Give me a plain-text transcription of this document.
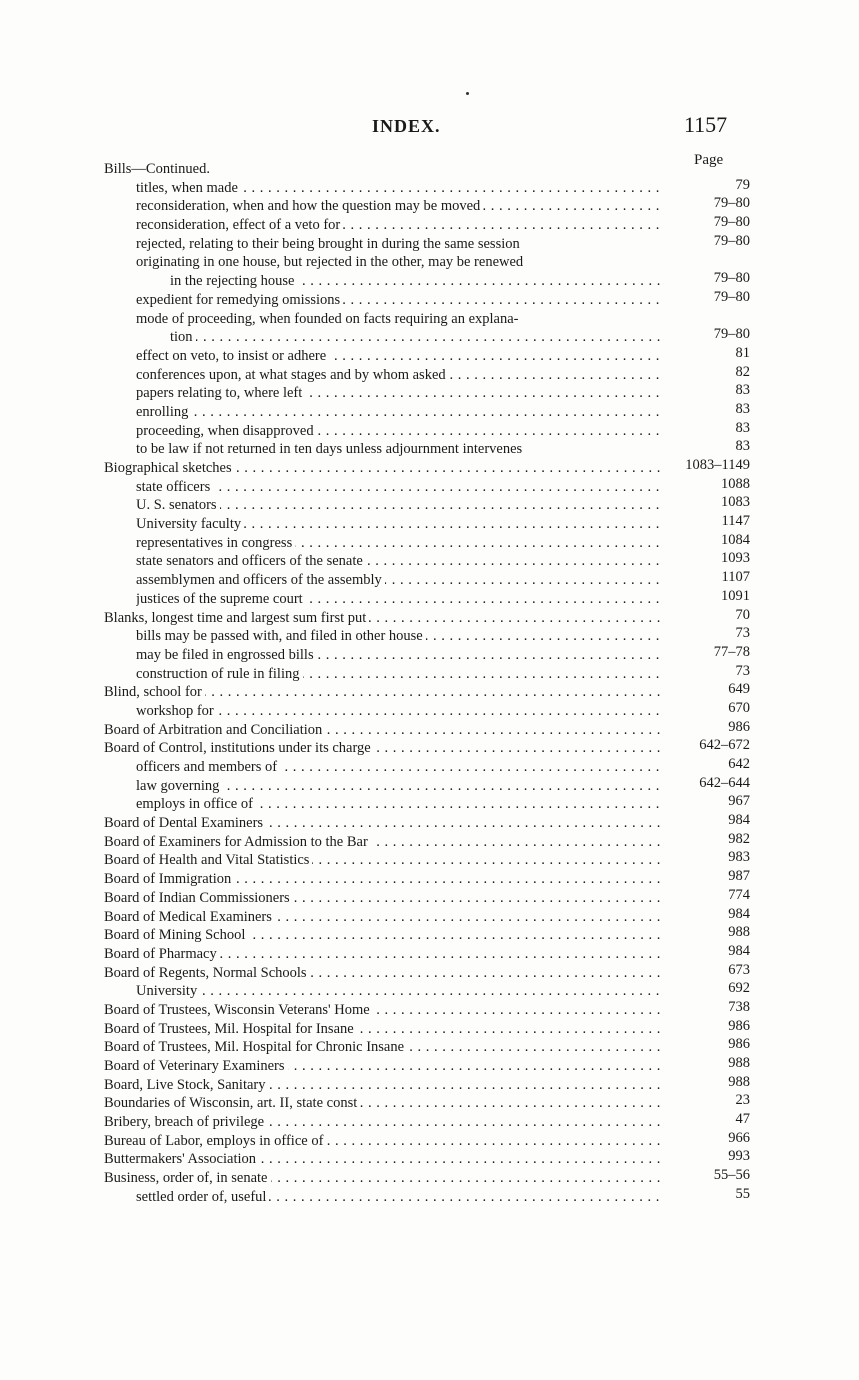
INDEX.	1157
Page
Bills—Continued.
titles, when made . . .	79
reconsideration, when and how the question may be moved . . .	79–80
reconsideration, effect of a veto for . . .	79–80
rejected, relating to their being brought in during the same session	79–80
originating in one house, but rejected in the other, may be renewed
in the rejecting house . . .	79–80
expedient for remedying omissions . . .	79–80
mode of proceeding, when founded on facts requiring an explana-
tion . . .	79–80
effect on veto, to insist or adhere . . .	81
conferences upon, at what stages and by whom asked . . .	82
papers relating to, where left . . .	83
enrolling . . .	83
proceeding, when disapproved . . .	83
to be law if not returned in ten days unless adjournment intervenes	83
Biographical sketches . . .	1083–1149
state officers . . .	1088
U. S. senators . . .	1083
University faculty . . .	1147
representatives in congress . . .	1084
state senators and officers of the senate . . .	1093
assemblymen and officers of the assembly . . .	1107
justices of the supreme court . . .	1091
Blanks, longest time and largest sum first put . . .	70
bills may be passed with, and filed in other house . . .	73
may be filed in engrossed bills . . .	77–78
construction of rule in filing . . .	73
Blind, school for . . .	649
workshop for . . .	670
Board of Arbitration and Conciliation . . .	986
Board of Control, institutions under its charge . . .	642–672
officers and members of . . .	642
law governing . . .	642–644
employs in office of . . .	967
Board of Dental Examiners . . .	984
Board of Examiners for Admission to the Bar . . .	982
Board of Health and Vital Statistics . . .	983
Board of Immigration . . .	987
Board of Indian Commissioners . . .	774
Board of Medical Examiners . . .	984
Board of Mining School . . .	988
Board of Pharmacy . . .	984
Board of Regents, Normal Schools . . .	673
University . . .	692
Board of Trustees, Wisconsin Veterans' Home . . .	738
Board of Trustees, Mil. Hospital for Insane . . .	986
Board of Trustees, Mil. Hospital for Chronic Insane . . .	986
Board of Veterinary Examiners . . .	988
Board, Live Stock, Sanitary . . .	988
Boundaries of Wisconsin, art. II, state const . . .	23
Bribery, breach of privilege . . .	47
Bureau of Labor, employs in office of . . .	966
Buttermakers' Association . . .	993
Business, order of, in senate . . .	55–56
settled order of, useful . . .	55
